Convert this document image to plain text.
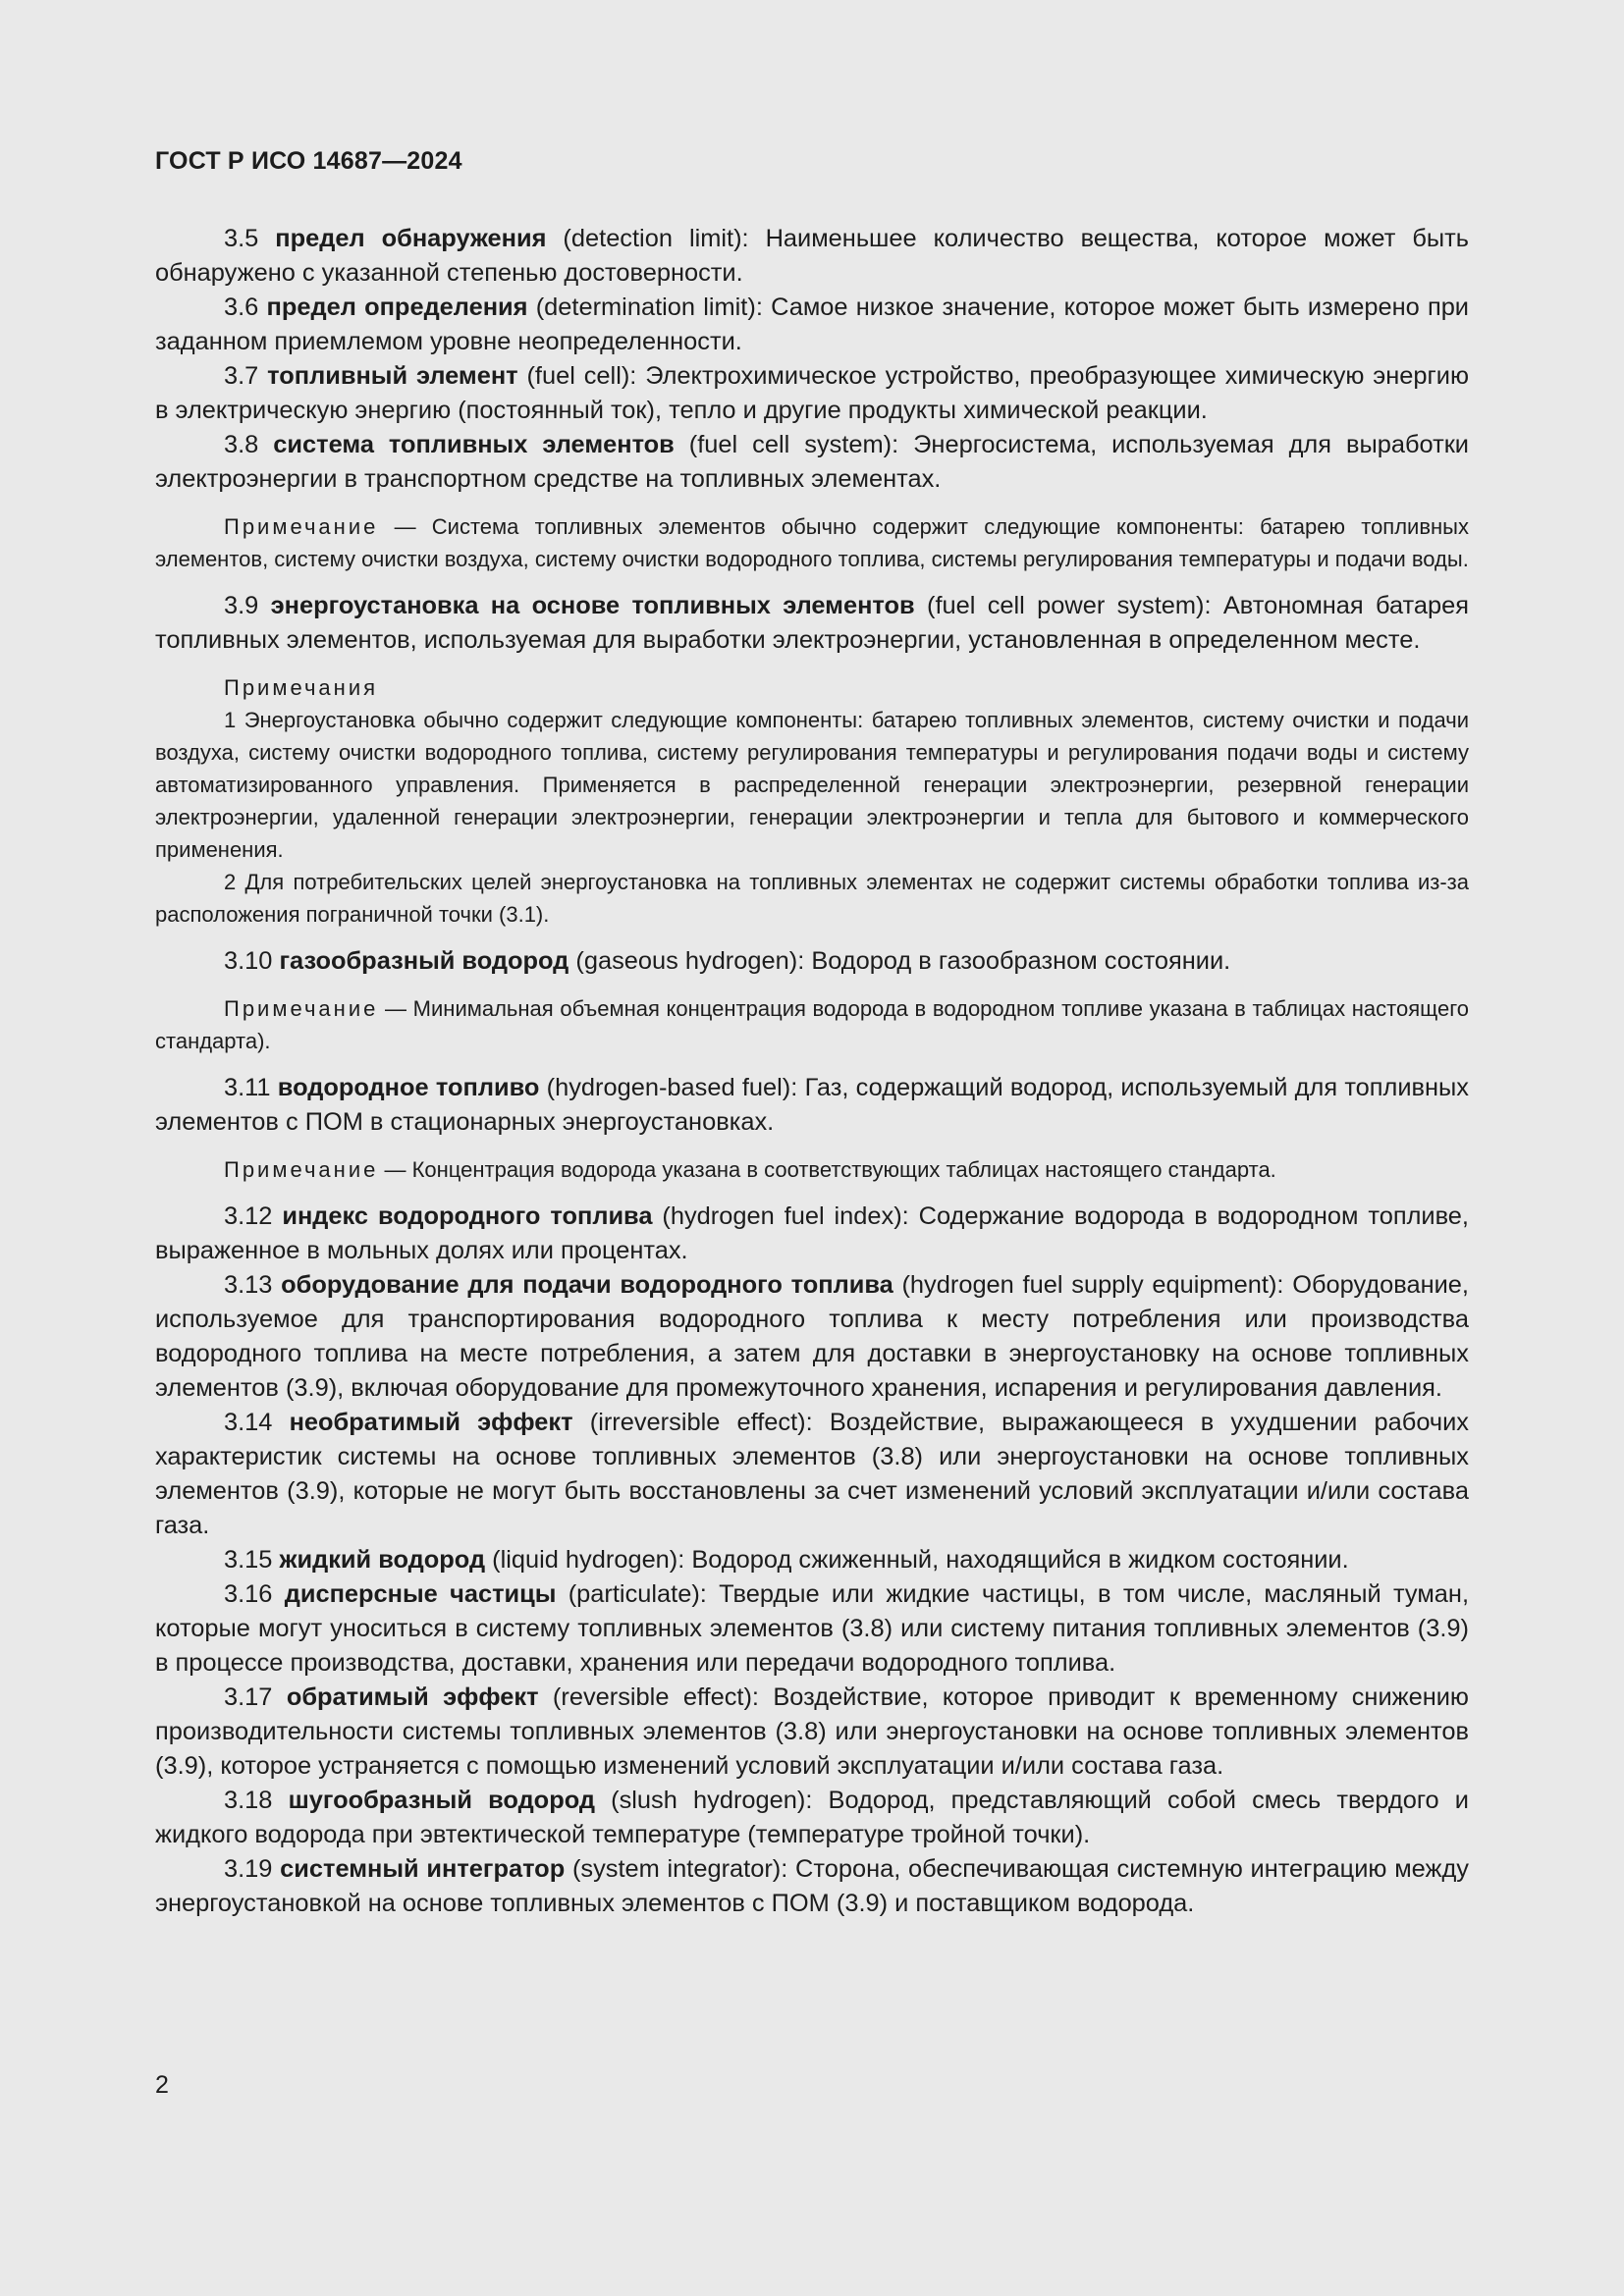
ГОСТ Р ИСО 14687—2024

3.5 предел обнаружения (detection limit): Наименьшее количество вещества, которое может быть обнаружено с указанной степенью достоверности.

3.6 предел определения (determination limit): Самое низкое значение, которое может быть измерено при заданном приемлемом уровне неопределенности.

3.7 топливный элемент (fuel cell): Электрохимическое устройство, преобразующее химическую энергию в электрическую энергию (постоянный ток), тепло и другие продукты химической реакции.

3.8 система топливных элементов (fuel cell system): Энергосистема, используемая для выработки электроэнергии в транспортном средстве на топливных элементах.

Примечание — Система топливных элементов обычно содержит следующие компоненты: батарею топливных элементов, систему очистки воздуха, систему очистки водородного топлива, системы регулирования температуры и подачи воды.

3.9 энергоустановка на основе топливных элементов (fuel cell power system): Автономная батарея топливных элементов, используемая для выработки электроэнергии, установленная в определенном месте.

Примечания

1 Энергоустановка обычно содержит следующие компоненты: батарею топливных элементов, систему очистки и подачи воздуха, систему очистки водородного топлива, систему регулирования температуры и регулирования подачи воды и систему автоматизированного управления. Применяется в распределенной генерации электроэнергии, резервной генерации электроэнергии, удаленной генерации электроэнергии, генерации электроэнергии и тепла для бытового и коммерческого применения.

2 Для потребительских целей энергоустановка на топливных элементах не содержит системы обработки топлива из-за расположения пограничной точки (3.1).

3.10 газообразный водород (gaseous hydrogen): Водород в газообразном состоянии.

Примечание — Минимальная объемная концентрация водорода в водородном топливе указана в таблицах настоящего стандарта).

3.11 водородное топливо (hydrogen-based fuel): Газ, содержащий водород, используемый для топливных элементов с ПОМ в стационарных энергоустановках.

Примечание — Концентрация водорода указана в соответствующих таблицах настоящего стандарта.

3.12 индекс водородного топлива (hydrogen fuel index): Содержание водорода в водородном топливе, выраженное в мольных долях или процентах.

3.13 оборудование для подачи водородного топлива (hydrogen fuel supply equipment): Оборудование, используемое для транспортирования водородного топлива к месту потребления или производства водородного топлива на месте потребления, а затем для доставки в энергоустановку на основе топливных элементов (3.9), включая оборудование для промежуточного хранения, испарения и регулирования давления.

3.14 необратимый эффект (irreversible effect): Воздействие, выражающееся в ухудшении рабочих характеристик системы на основе топливных элементов (3.8) или энергоустановки на основе топливных элементов (3.9), которые не могут быть восстановлены за счет изменений условий эксплуатации и/или состава газа.

3.15 жидкий водород (liquid hydrogen): Водород сжиженный, находящийся в жидком состоянии.

3.16 дисперсные частицы (particulate): Твердые или жидкие частицы, в том числе, масляный туман, которые могут уноситься в систему топливных элементов (3.8) или систему питания топливных элементов (3.9) в процессе производства, доставки, хранения или передачи водородного топлива.

3.17 обратимый эффект (reversible effect): Воздействие, которое приводит к временному снижению производительности системы топливных элементов (3.8) или энергоустановки на основе топливных элементов (3.9), которое устраняется с помощью изменений условий эксплуатации и/или состава газа.

3.18 шугообразный водород (slush hydrogen): Водород, представляющий собой смесь твердого и жидкого водорода при эвтектической температуре (температуре тройной точки).

3.19 системный интегратор (system integrator): Сторона, обеспечивающая системную интеграцию между энергоустановкой на основе топливных элементов с ПОМ (3.9) и поставщиком водорода.

2
